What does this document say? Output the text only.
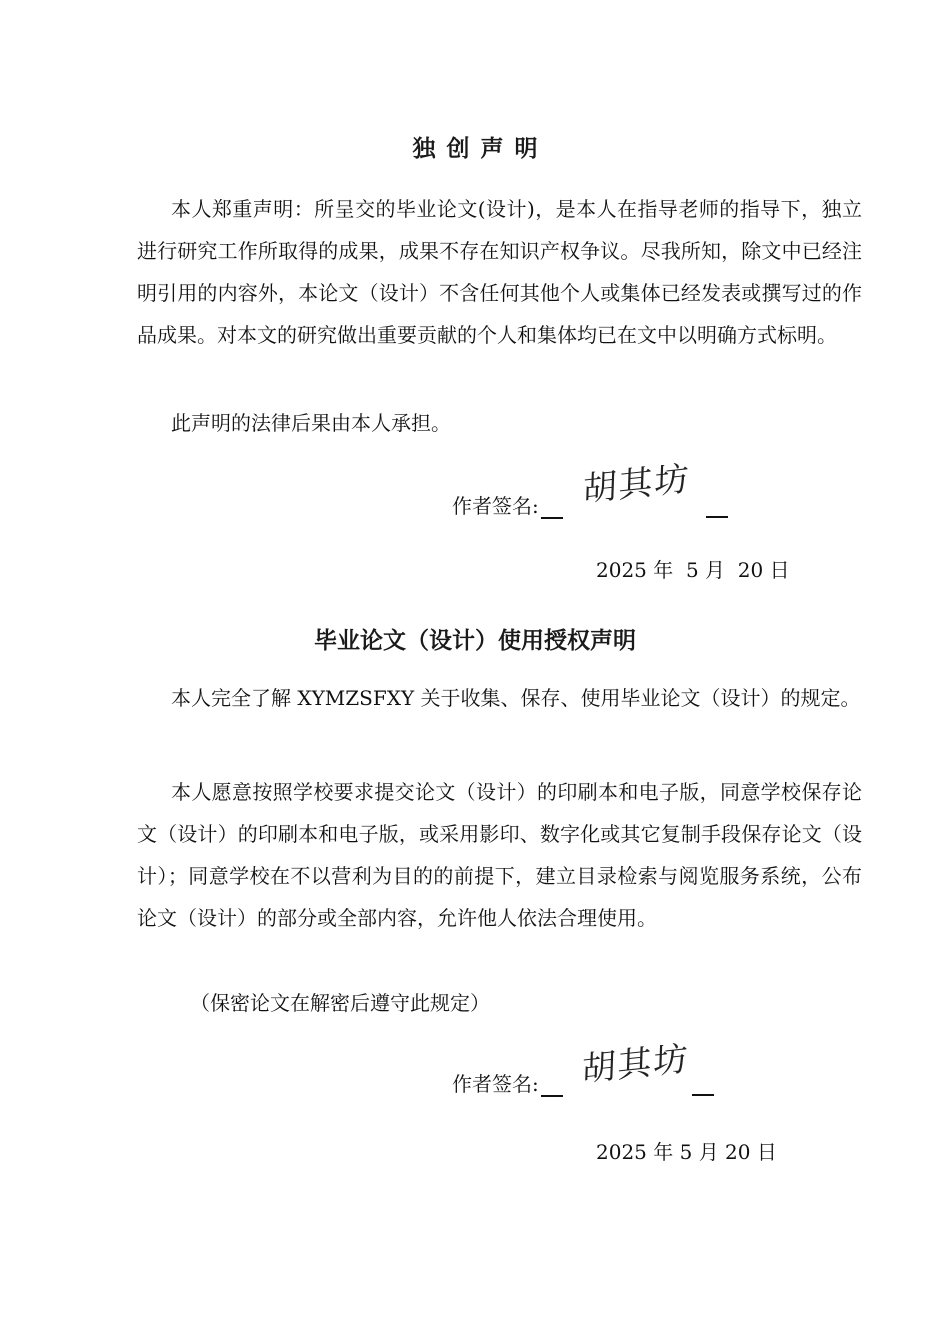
独创声明

本人郑重声明：所呈交的毕业论文(设计)，是本人在指导老师的指导下，独立进行研究工作所取得的成果，成果不存在知识产权争议。尽我所知，除文中已经注明引用的内容外，本论文（设计）不含任何其他个人或集体已经发表或撰写过的作品成果。对本文的研究做出重要贡献的个人和集体均已在文中以明确方式标明。

此声明的法律后果由本人承担。

作者签名:	胡其坊
2025 年  5 月  20 日
毕业论文（设计）使用授权声明

本人完全了解 XYMZSFXY 关于收集、保存、使用毕业论文（设计）的规定。

本人愿意按照学校要求提交论文（设计）的印刷本和电子版，同意学校保存论文（设计）的印刷本和电子版，或采用影印、数字化或其它复制手段保存论文（设计）；同意学校在不以营利为目的的前提下，建立目录检索与阅览服务系统，公布论文（设计）的部分或全部内容，允许他人依法合理使用。

（保密论文在解密后遵守此规定）

作者签名:	胡其坊
2025 年 5 月 20 日
